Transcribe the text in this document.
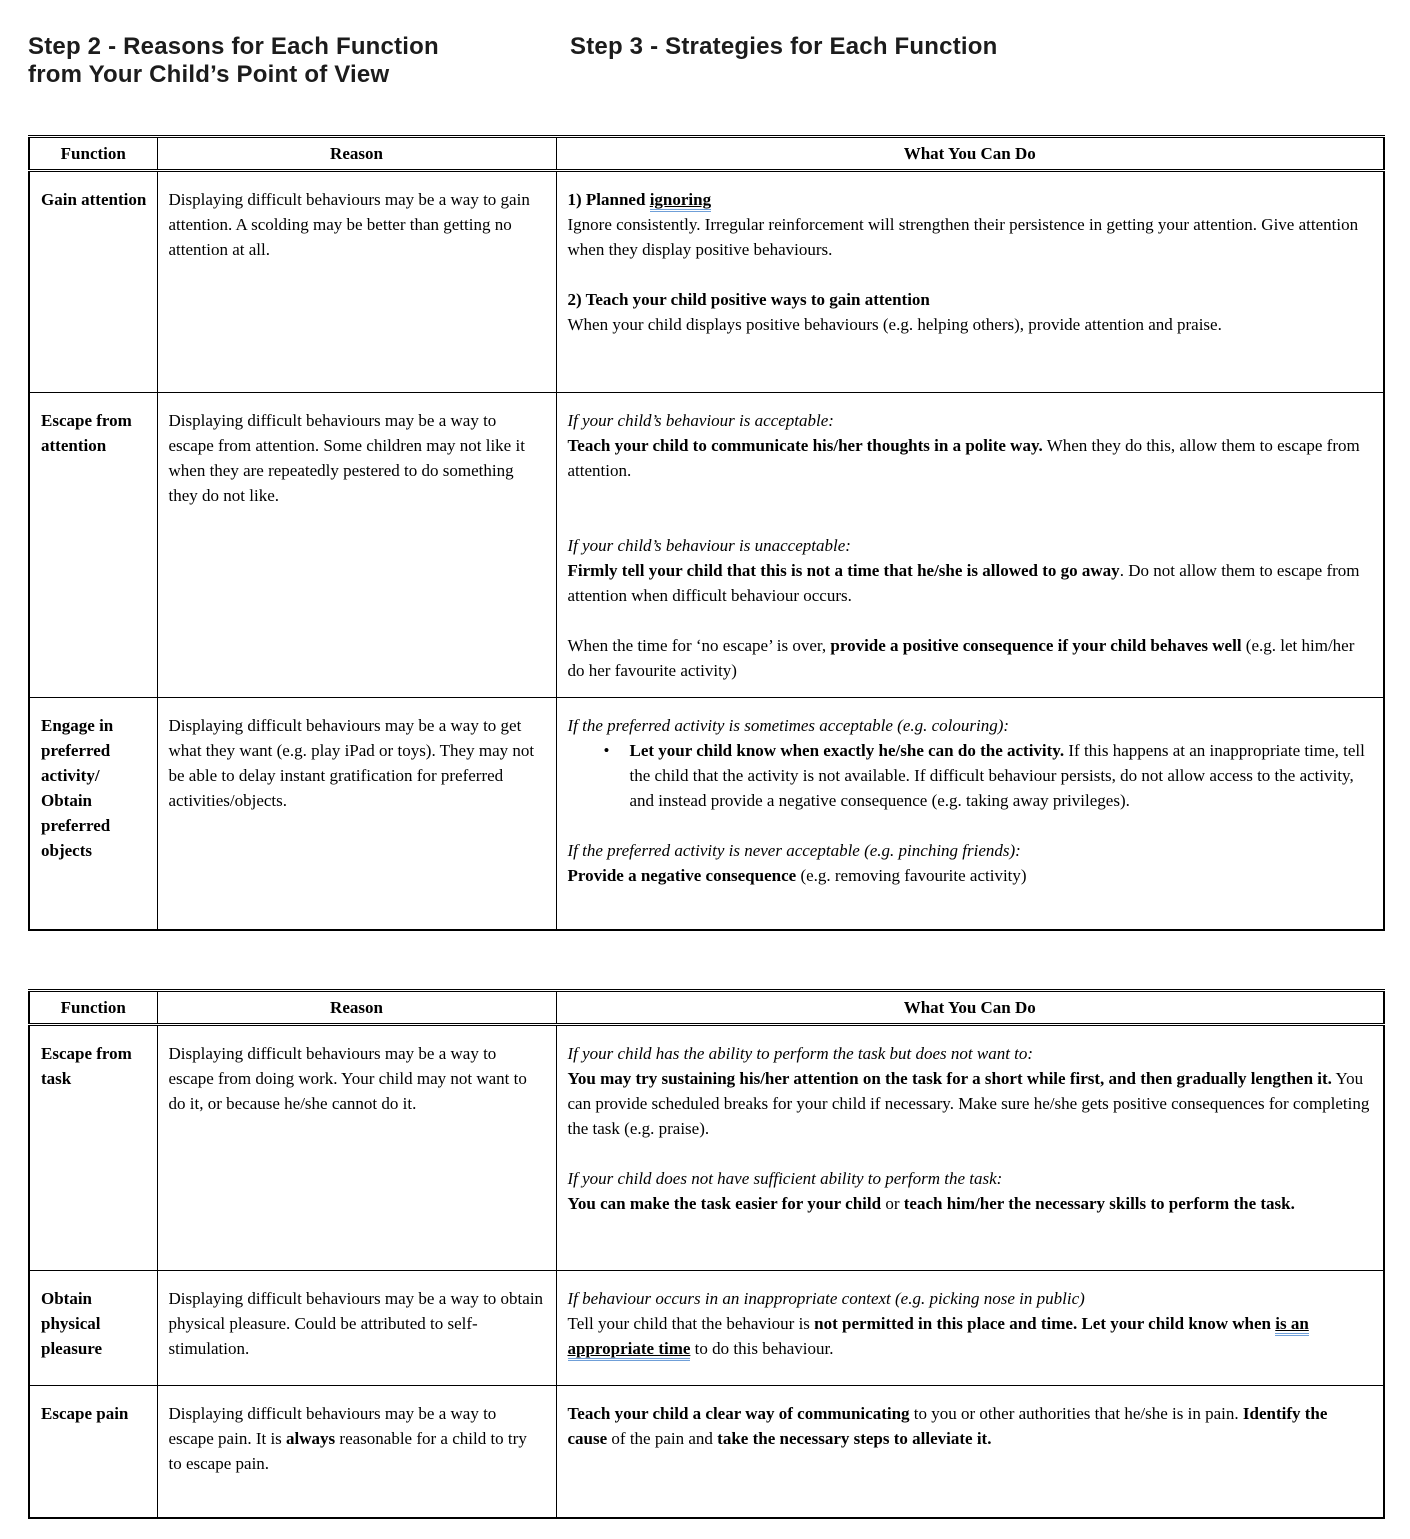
Step 2 - Reasons for Each Function
from Your Child’s Point of View
Step 3 - Strategies for Each Function
Function	Reason	What You Can Do
Gain attention	Displaying difficult behaviours may be a way to gain attention. A scolding may be better than getting no attention at all.	1) Planned ignoring
Ignore consistently. Irregular reinforcement will strengthen their persistence in getting your attention. Give attention when they display positive behaviours.
2) Teach your child positive ways to gain attention
When your child displays positive behaviours (e.g. helping others), provide attention and praise.

Escape from attention	Displaying difficult behaviours may be a way to escape from attention. Some children may not like it when they are repeatedly pestered to do something they do not like.	If your child’s behaviour is acceptable:
Teach your child to communicate his/her thoughts in a polite way. When they do this, allow them to escape from attention.
If your child’s behaviour is unacceptable:
Firmly tell your child that this is not a time that he/she is allowed to go away. Do not allow them to escape from attention when difficult behaviour occurs.
When the time for ‘no escape’ is over, provide a positive consequence if your child behaves well (e.g. let him/her do her favourite activity)

Engage in preferred activity/ Obtain preferred objects	Displaying difficult behaviours may be a way to get what they want (e.g. play iPad or toys). They may not be able to delay instant gratification for preferred activities/objects.	If the preferred activity is sometimes acceptable (e.g. colouring):
• Let your child know when exactly he/she can do the activity. If this happens at an inappropriate time, tell the child that the activity is not available. If difficult behaviour persists, do not allow access to the activity, and instead provide a negative consequence (e.g. taking away privileges).
If the preferred activity is never acceptable (e.g. pinching friends):
Provide a negative consequence (e.g. removing favourite activity)
Function	Reason	What You Can Do
Escape from task	Displaying difficult behaviours may be a way to escape from doing work. Your child may not want to do it, or because he/she cannot do it.	If your child has the ability to perform the task but does not want to:
You may try sustaining his/her attention on the task for a short while first, and then gradually lengthen it. You can provide scheduled breaks for your child if necessary. Make sure he/she gets positive consequences for completing the task (e.g. praise).
If your child does not have sufficient ability to perform the task:
You can make the task easier for your child or teach him/her the necessary skills to perform the task.

Obtain physical pleasure	Displaying difficult behaviours may be a way to obtain physical pleasure. Could be attributed to self-stimulation.	If behaviour occurs in an inappropriate context (e.g. picking nose in public)
Tell your child that the behaviour is not permitted in this place and time. Let your child know when is an appropriate time to do this behaviour.

Escape pain	Displaying difficult behaviours may be a way to escape pain. It is always reasonable for a child to try to escape pain.	Teach your child a clear way of communicating to you or other authorities that he/she is in pain. Identify the cause of the pain and take the necessary steps to alleviate it.
